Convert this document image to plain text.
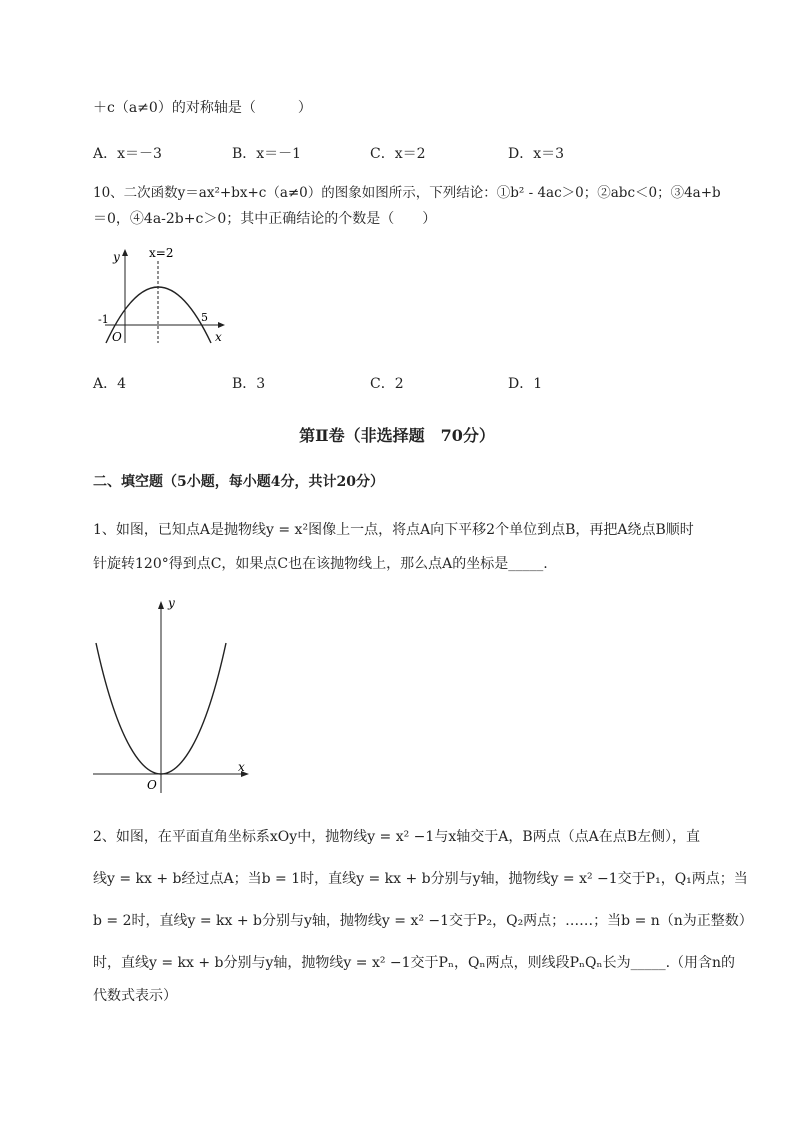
＋c（a≠0）的对称轴是（　　　）
A．x＝－3	B．x＝－1	C．x＝2	D．x＝3
10、二次函数y＝ax²+bx+c（a≠0）的图象如图所示，下列结论：①b² - 4ac＞0；②abc＜0；③4a+b
＝0，④4a-2b+c＞0；其中正确结论的个数是（　　）
y x=2
-1	5
O	x
A．4	B．3	C．2	D．1
第Ⅱ卷（非选择题　70分）
二、填空题（5小题，每小题4分，共计20分）
1、如图，已知点A是抛物线y = x²图像上一点，将点A向下平移2个单位到点B，再把A绕点B顺时
针旋转120°得到点C，如果点C也在该抛物线上，那么点A的坐标是_____.
y
x
O
2、如图，在平面直角坐标系xOy中，抛物线y = x² −1与x轴交于A，B两点（点A在点B左侧），直
线y = kx + b经过点A；当b = 1时，直线y = kx + b分别与y轴，抛物线y = x² −1交于P₁，Q₁两点；当
b = 2时，直线y = kx + b分别与y轴，抛物线y = x² −1交于P₂，Q₂两点；……；当b = n（n为正整数）
时，直线y = kx + b分别与y轴，抛物线y = x² −1交于Pₙ，Qₙ两点，则线段PₙQₙ长为_____.（用含n的
代数式表示）
